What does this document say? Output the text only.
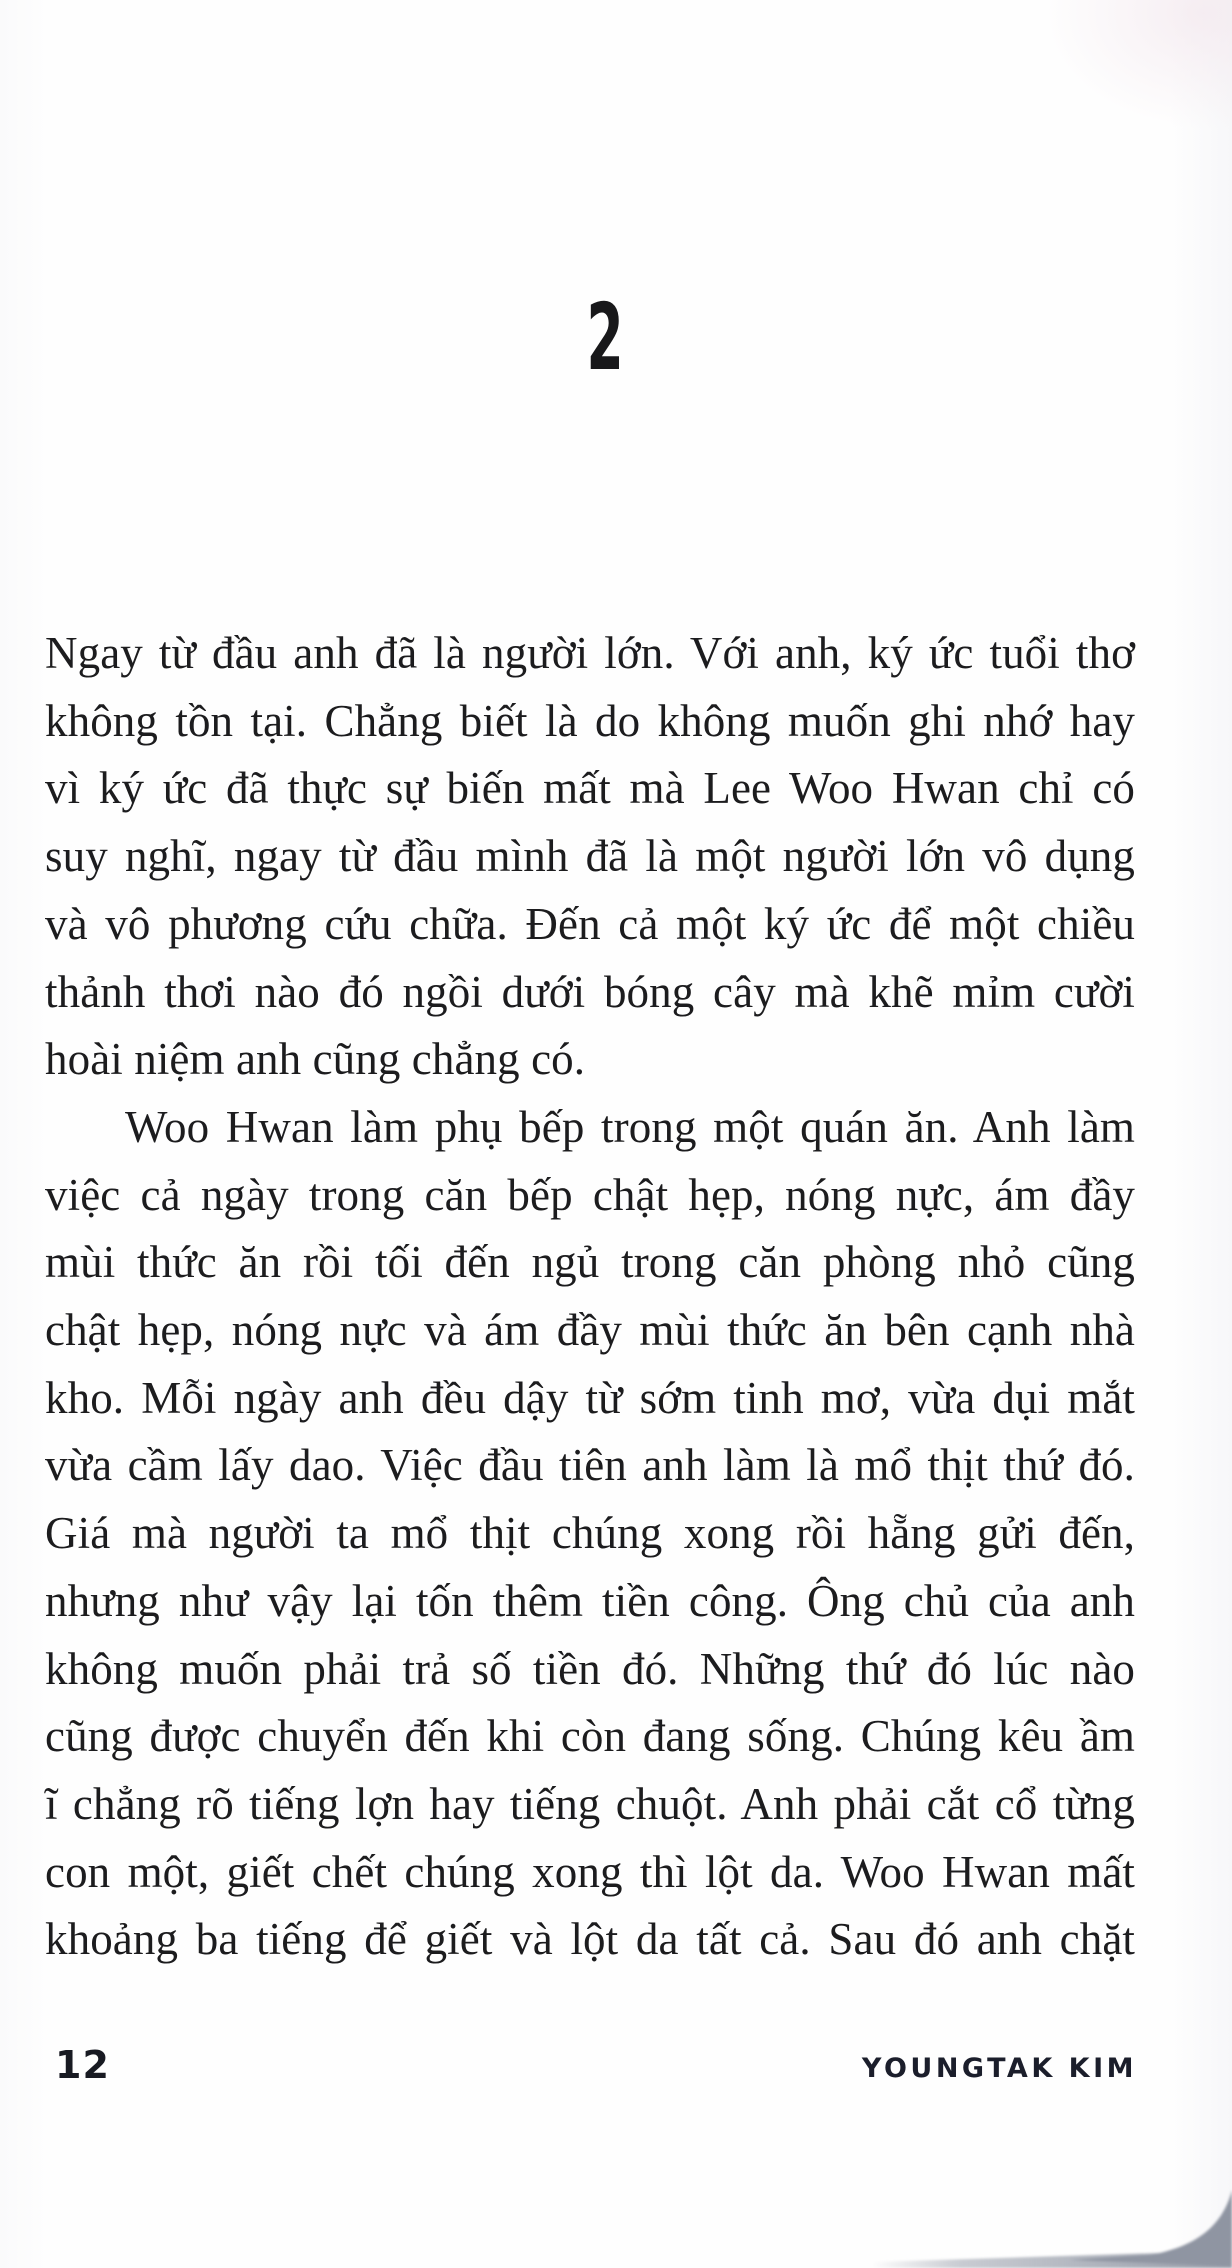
2
Ngay từ đầu anh đã là người lớn. Với anh, ký ức tuổi thơ
không tồn tại. Chẳng biết là do không muốn ghi nhớ hay
vì ký ức đã thực sự biến mất mà Lee Woo Hwan chỉ có
suy nghĩ, ngay từ đầu mình đã là một người lớn vô dụng
và vô phương cứu chữa. Đến cả một ký ức để một chiều
thảnh thơi nào đó ngồi dưới bóng cây mà khẽ mỉm cười
hoài niệm anh cũng chẳng có.
Woo Hwan làm phụ bếp trong một quán ăn. Anh làm
việc cả ngày trong căn bếp chật hẹp, nóng nực, ám đầy
mùi thức ăn rồi tối đến ngủ trong căn phòng nhỏ cũng
chật hẹp, nóng nực và ám đầy mùi thức ăn bên cạnh nhà
kho. Mỗi ngày anh đều dậy từ sớm tinh mơ, vừa dụi mắt
vừa cầm lấy dao. Việc đầu tiên anh làm là mổ thịt thứ đó.
Giá mà người ta mổ thịt chúng xong rồi hẵng gửi đến,
nhưng như vậy lại tốn thêm tiền công. Ông chủ của anh
không muốn phải trả số tiền đó. Những thứ đó lúc nào
cũng được chuyển đến khi còn đang sống. Chúng kêu ầm
ĩ chẳng rõ tiếng lợn hay tiếng chuột. Anh phải cắt cổ từng
con một, giết chết chúng xong thì lột da. Woo Hwan mất
khoảng ba tiếng để giết và lột da tất cả. Sau đó anh chặt
12	YOUNGTAK KIM
